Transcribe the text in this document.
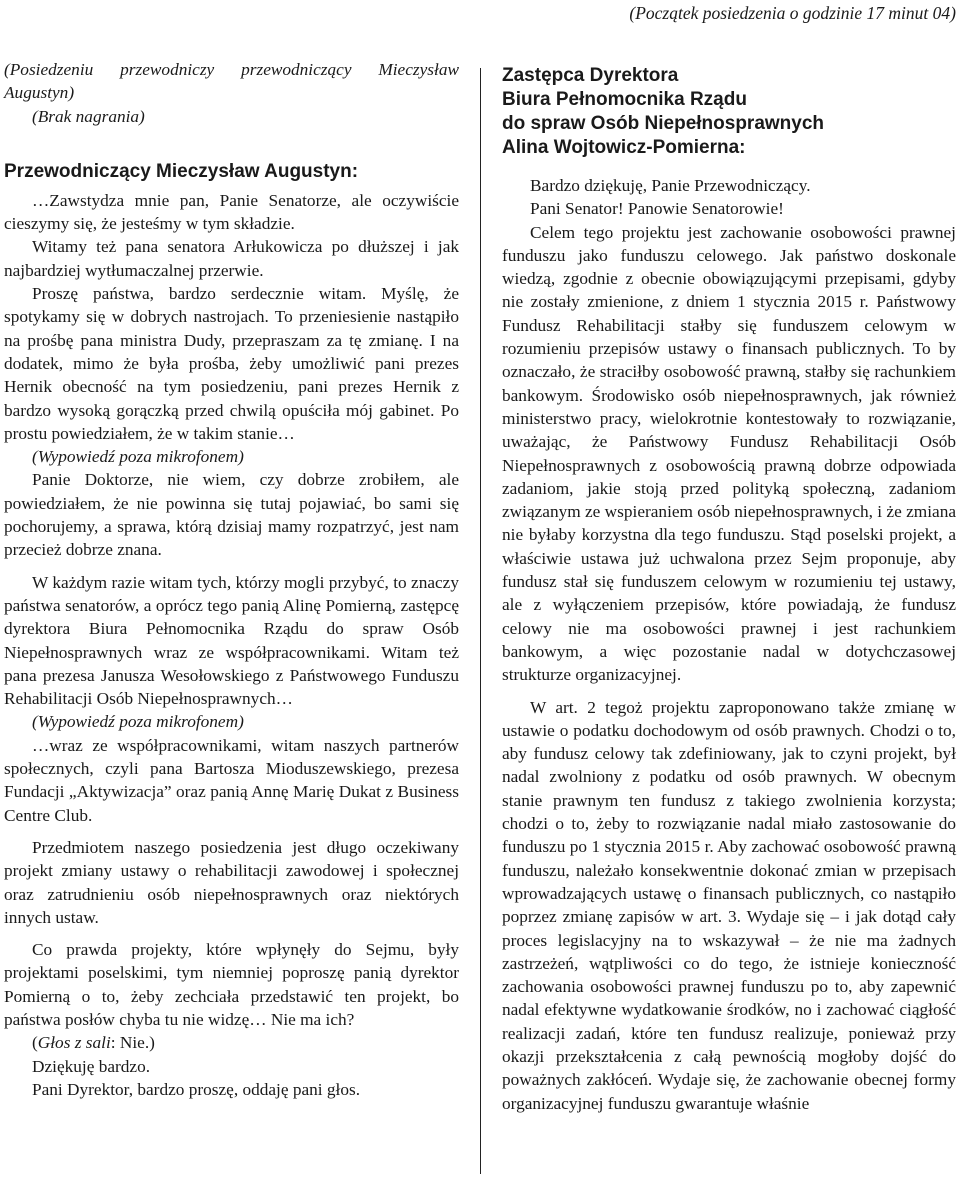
(Początek posiedzenia o godzinie 17 minut 04)

(Posiedzeniu przewodniczy przewodniczący Mieczysław Augustyn)

(Brak nagrania)

Przewodniczący Mieczysław Augustyn:

…Zawstydza mnie pan, Panie Senatorze, ale oczywiście cieszymy się, że jesteśmy w tym składzie.

Witamy też pana senatora Arłukowicza po dłuższej i jak najbardziej wytłumaczalnej przerwie.

Proszę państwa, bardzo serdecznie witam. Myślę, że spotykamy się w dobrych nastrojach. To przeniesienie nastąpiło na prośbę pana ministra Dudy, przepraszam za tę zmianę. I na dodatek, mimo że była prośba, żeby umożliwić pani prezes Hernik obecność na tym posiedzeniu, pani prezes Hernik z bardzo wysoką gorączką przed chwilą opuściła mój gabinet. Po prostu powiedziałem, że w takim stanie…

(Wypowiedź poza mikrofonem)

Panie Doktorze, nie wiem, czy dobrze zrobiłem, ale powiedziałem, że nie powinna się tutaj pojawiać, bo sami się pochorujemy, a sprawa, którą dzisiaj mamy rozpatrzyć, jest nam przecież dobrze znana.

W każdym razie witam tych, którzy mogli przybyć, to znaczy państwa senatorów, a oprócz tego panią Alinę Pomierną, zastępcę dyrektora Biura Pełnomocnika Rządu do spraw Osób Niepełnosprawnych wraz ze współpracownikami. Witam też pana prezesa Janusza Wesołowskiego z Państwowego Funduszu Rehabilitacji Osób Niepełnosprawnych…

(Wypowiedź poza mikrofonem)

…wraz ze współpracownikami, witam naszych partnerów społecznych, czyli pana Bartosza Mioduszewskiego, prezesa Fundacji „Aktywizacja” oraz panią Annę Marię Dukat z Business Centre Club.

Przedmiotem naszego posiedzenia jest długo oczekiwany projekt zmiany ustawy o rehabilitacji zawodowej i społecznej oraz zatrudnieniu osób niepełnosprawnych oraz niektórych innych ustaw.

Co prawda projekty, które wpłynęły do Sejmu, były projektami poselskimi, tym niemniej poproszę panią dyrektor Pomierną o to, żeby zechciała przedstawić ten projekt, bo państwa posłów chyba tu nie widzę… Nie ma ich?

(Głos z sali: Nie.)

Dziękuję bardzo.

Pani Dyrektor, bardzo proszę, oddaję pani głos.

Zastępca Dyrektora
Biura Pełnomocnika Rządu
do spraw Osób Niepełnosprawnych
Alina Wojtowicz-Pomierna:

Bardzo dziękuję, Panie Przewodniczący.

Pani Senator! Panowie Senatorowie!

Celem tego projektu jest zachowanie osobowości prawnej funduszu jako funduszu celowego. Jak państwo doskonale wiedzą, zgodnie z obecnie obowiązującymi przepisami, gdyby nie zostały zmienione, z dniem 1 stycznia 2015 r. Państwowy Fundusz Rehabilitacji stałby się funduszem celowym w rozumieniu przepisów ustawy o finansach publicznych. To by oznaczało, że straciłby osobowość prawną, stałby się rachunkiem bankowym. Środowisko osób niepełnosprawnych, jak również ministerstwo pracy, wielokrotnie kontestowały to rozwiązanie, uważając, że Państwowy Fundusz Rehabilitacji Osób Niepełnosprawnych z osobowością prawną dobrze odpowiada zadaniom, jakie stoją przed polityką społeczną, zadaniom związanym ze wspieraniem osób niepełnosprawnych, i że zmiana nie byłaby korzystna dla tego funduszu. Stąd poselski projekt, a właściwie ustawa już uchwalona przez Sejm proponuje, aby fundusz stał się funduszem celowym w rozumieniu tej ustawy, ale z wyłączeniem przepisów, które powiadają, że fundusz celowy nie ma osobowości prawnej i jest rachunkiem bankowym, a więc pozostanie nadal w dotychczasowej strukturze organizacyjnej.

W art. 2 tegoż projektu zaproponowano także zmianę w ustawie o podatku dochodowym od osób prawnych. Chodzi o to, aby fundusz celowy tak zdefiniowany, jak to czyni projekt, był nadal zwolniony z podatku od osób prawnych. W obecnym stanie prawnym ten fundusz z takiego zwolnienia korzysta; chodzi o to, żeby to rozwiązanie nadal miało zastosowanie do funduszu po 1 stycznia 2015 r. Aby zachować osobowość prawną funduszu, należało konsekwentnie dokonać zmian w przepisach wprowadzających ustawę o finansach publicznych, co nastąpiło poprzez zmianę zapisów w art. 3. Wydaje się – i jak dotąd cały proces legislacyjny na to wskazywał – że nie ma żadnych zastrzeżeń, wątpliwości co do tego, że istnieje konieczność zachowania osobowości prawnej funduszu po to, aby zapewnić nadal efektywne wydatkowanie środków, no i zachować ciągłość realizacji zadań, które ten fundusz realizuje, ponieważ przy okazji przekształcenia z całą pewnością mogłoby dojść do poważnych zakłóceń. Wydaje się, że zachowanie obecnej formy organizacyjnej funduszu gwarantuje właśnie
